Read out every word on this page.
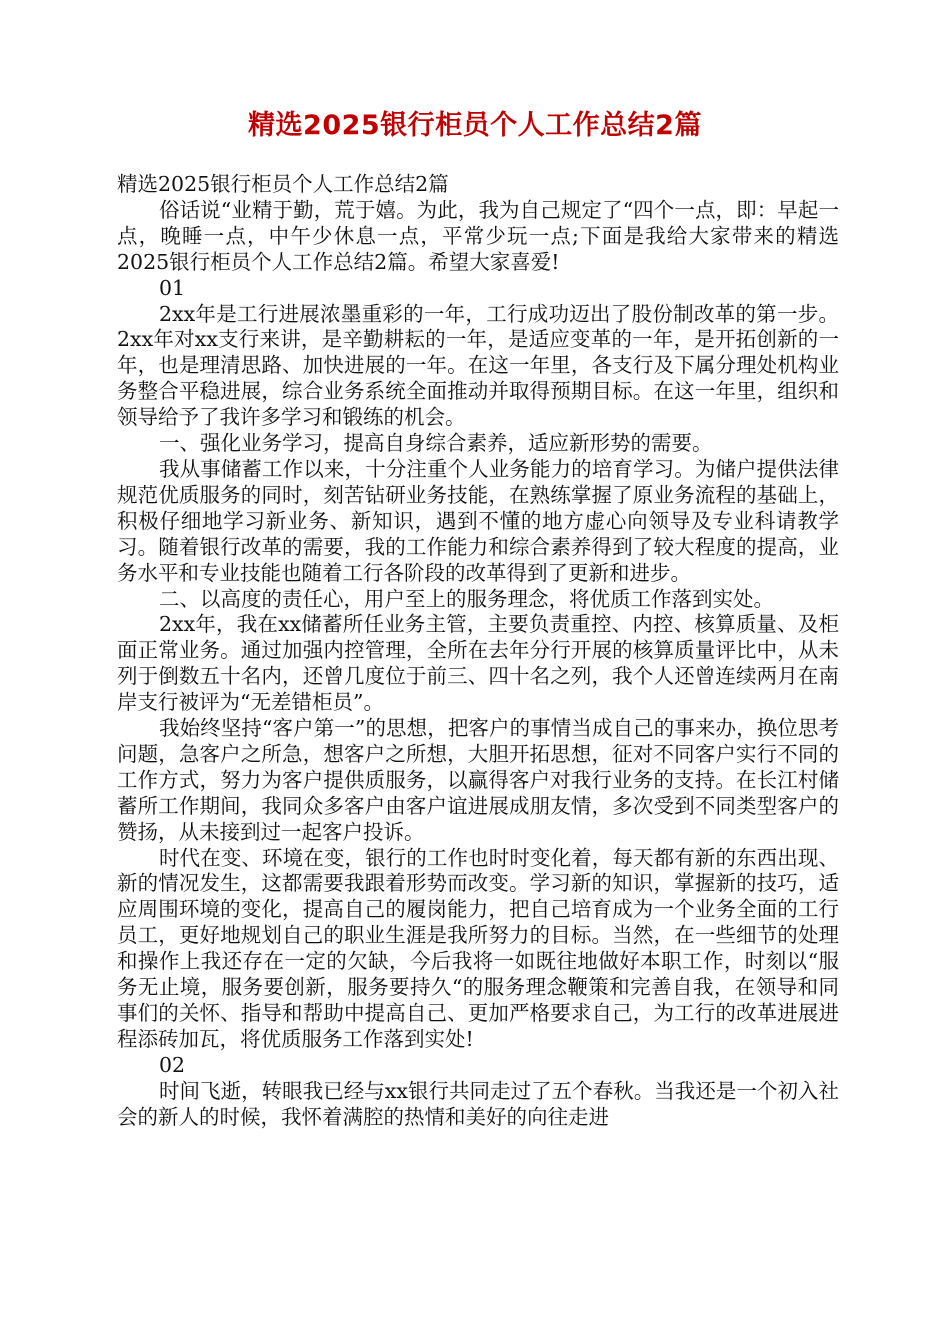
精选2025银行柜员个人工作总结2篇

精选2025银行柜员个人工作总结2篇

俗话说“业精于勤，荒于嬉。为此，我为自己规定了“四个一点，即：早起一点，晚睡一点，中午少休息一点，平常少玩一点;下面是我给大家带来的精选2025银行柜员个人工作总结2篇。希望大家喜爱!

01

2xx年是工行进展浓墨重彩的一年，工行成功迈出了股份制改革的第一步。2xx年对xx支行来讲，是辛勤耕耘的一年，是适应变革的一年，是开拓创新的一年，也是理清思路、加快进展的一年。在这一年里，各支行及下属分理处机构业务整合平稳进展，综合业务系统全面推动并取得预期目标。在这一年里，组织和领导给予了我许多学习和锻练的机会。

一、强化业务学习，提高自身综合素养，适应新形势的需要。

我从事储蓄工作以来，十分注重个人业务能力的培育学习。为储户提供法律规范优质服务的同时，刻苦钻研业务技能，在熟练掌握了原业务流程的基础上，积极仔细地学习新业务、新知识，遇到不懂的地方虚心向领导及专业科请教学习。随着银行改革的需要，我的工作能力和综合素养得到了较大程度的提高，业务水平和专业技能也随着工行各阶段的改革得到了更新和进步。

二、以高度的责任心，用户至上的服务理念，将优质工作落到实处。

2xx年，我在xx储蓄所任业务主管，主要负责重控、内控、核算质量、及柜面正常业务。通过加强内控管理，全所在去年分行开展的核算质量评比中，从未列于倒数五十名内，还曾几度位于前三、四十名之列，我个人还曾连续两月在南岸支行被评为“无差错柜员”。

我始终坚持“客户第一”的思想，把客户的事情当成自己的事来办，换位思考问题，急客户之所急，想客户之所想，大胆开拓思想，征对不同客户实行不同的工作方式，努力为客户提供质服务，以赢得客户对我行业务的支持。在长江村储蓄所工作期间，我同众多客户由客户谊进展成朋友情，多次受到不同类型客户的赞扬，从未接到过一起客户投诉。

时代在变、环境在变，银行的工作也时时变化着，每天都有新的东西出现、新的情况发生，这都需要我跟着形势而改变。学习新的知识，掌握新的技巧，适应周围环境的变化，提高自己的履岗能力，把自己培育成为一个业务全面的工行员工，更好地规划自己的职业生涯是我所努力的目标。当然，在一些细节的处理和操作上我还存在一定的欠缺，今后我将一如既往地做好本职工作，时刻以“服务无止境，服务要创新，服务要持久“的服务理念鞭策和完善自我，在领导和同事们的关怀、指导和帮助中提高自己、更加严格要求自己，为工行的改革进展进程添砖加瓦，将优质服务工作落到实处!

02

时间飞逝，转眼我已经与xx银行共同走过了五个春秋。当我还是一个初入社会的新人的时候，我怀着满腔的热情和美好的向往走进
